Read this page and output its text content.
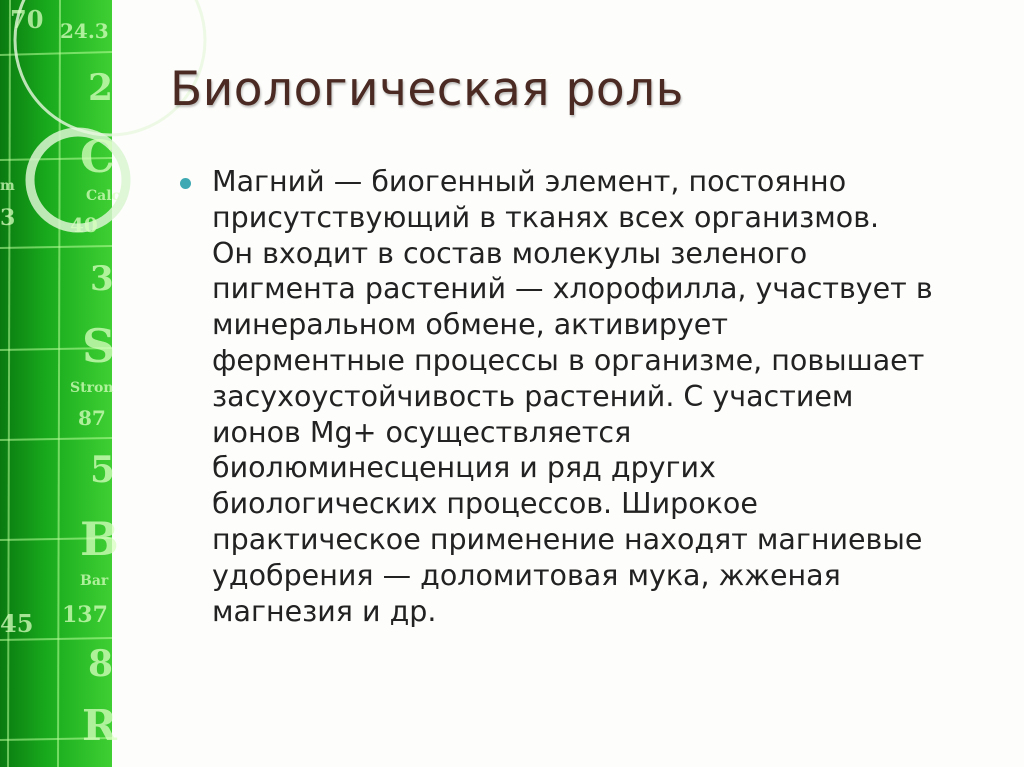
70 24.3
2
C
Calc
40
3
m
3
S
Stron
87
5
B
Bar
137
45
8
R
Биологическая роль

Магний — биогенный элемент, постоянно
присутствующий в тканях всех организмов.
Он входит в состав молекулы зеленого
пигмента растений — хлорофилла, участвует в
минеральном обмене, активирует
ферментные процессы в организме, повышает
засухоустойчивость растений. С участием
ионов Mg+ осуществляется
биолюминесценция и ряд других
биологических процессов. Широкое
практическое применение находят магниевые
удобрения — доломитовая мука, жженая
магнезия и др.
